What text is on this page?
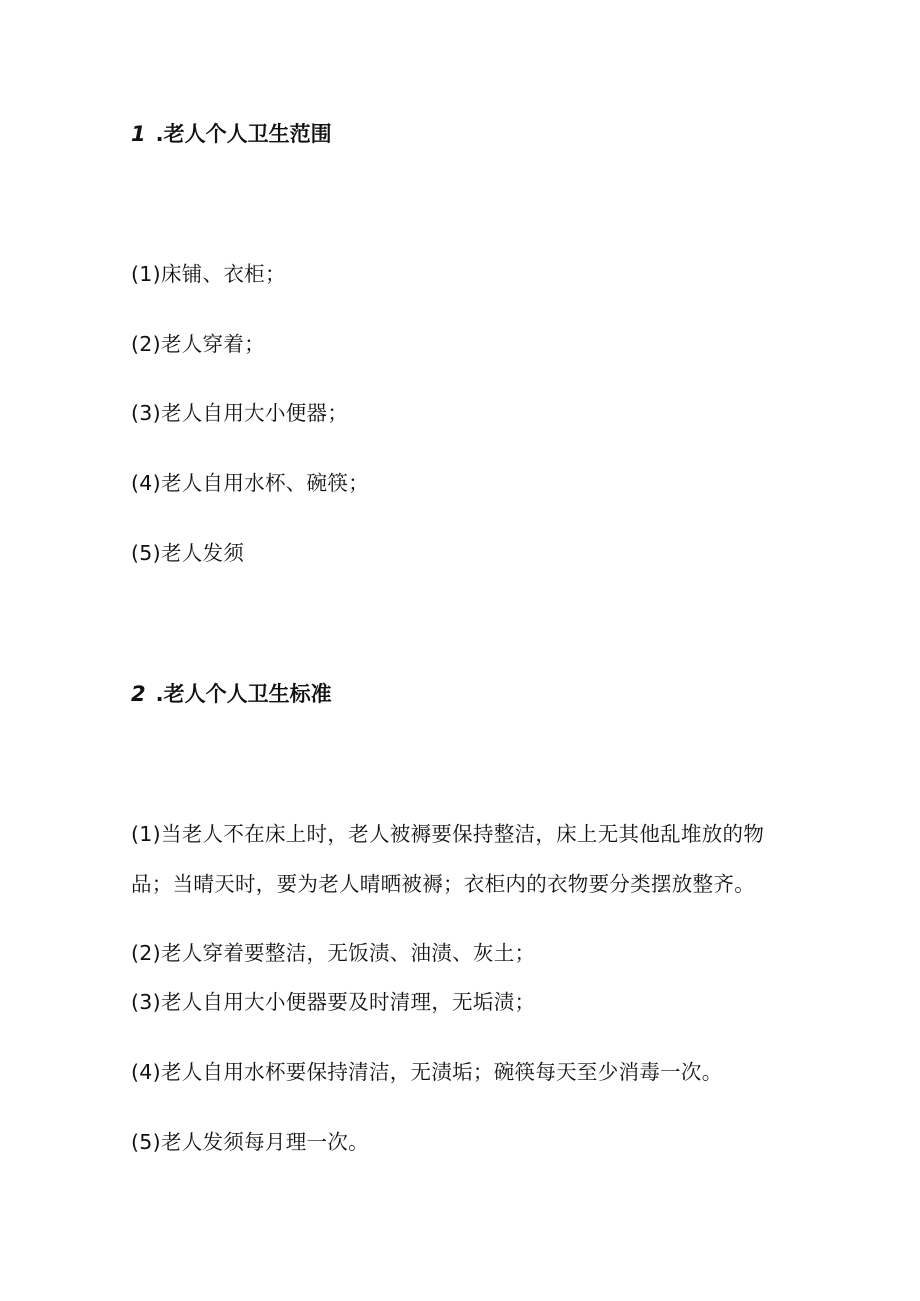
1 .老人个人卫生范围
(1)床铺、衣柜；
(2)老人穿着；
(3)老人自用大小便器；
(4)老人自用水杯、碗筷；
(5)老人发须
2 .老人个人卫生标准
(1)当老人不在床上时，老人被褥要保持整洁，床上无其他乱堆放的物
品；当晴天时，要为老人晴晒被褥；衣柜内的衣物要分类摆放整齐。
(2)老人穿着要整洁，无饭渍、油渍、灰土；
(3)老人自用大小便器要及时清理，无垢渍；
(4)老人自用水杯要保持清洁，无渍垢；碗筷每天至少消毒一次。
(5)老人发须每月理一次。
